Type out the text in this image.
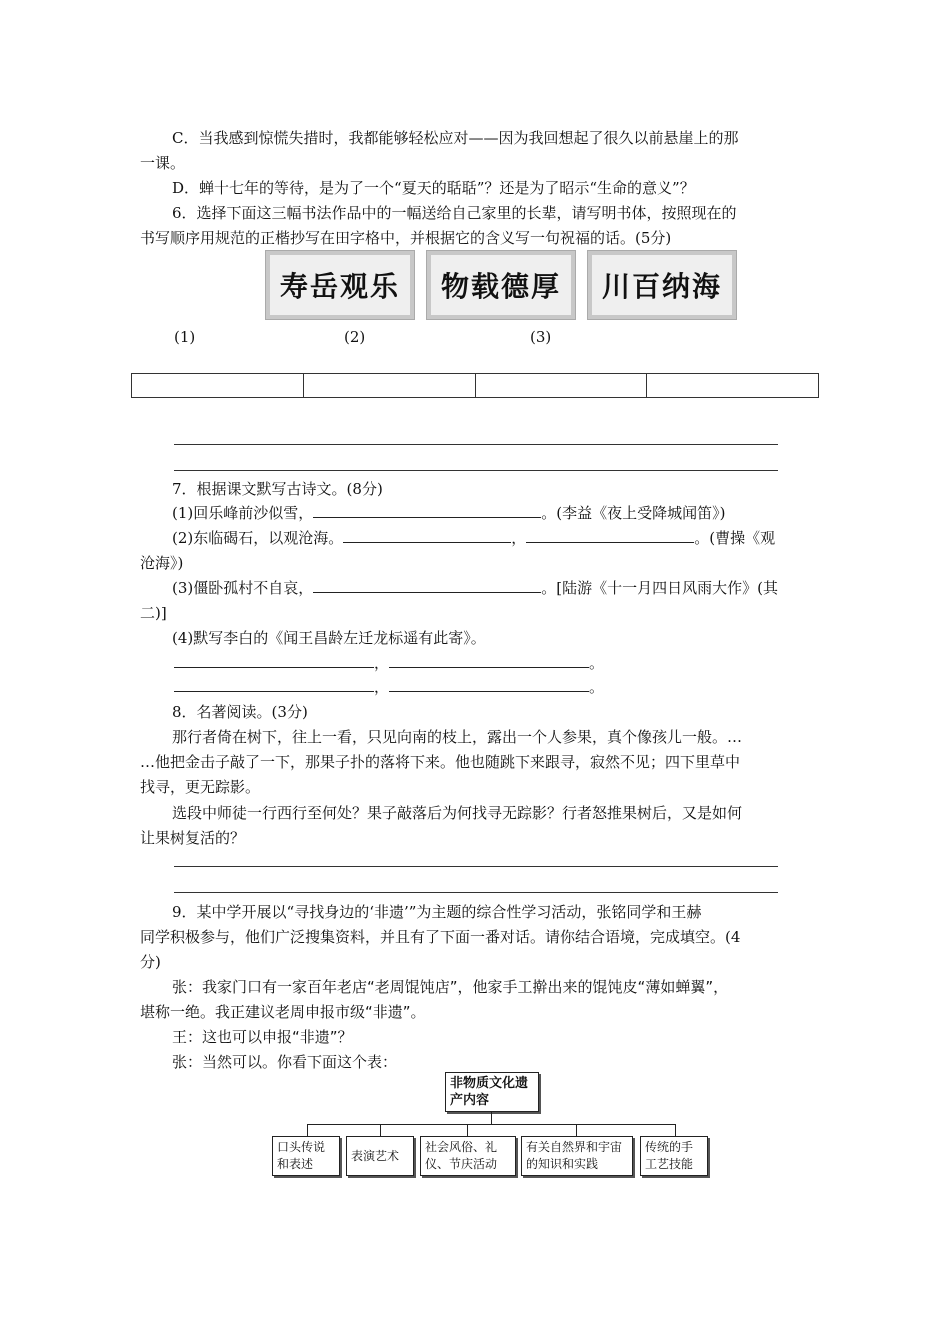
C．当我感到惊慌失措时，我都能够轻松应对——因为我回想起了很久以前悬崖上的那
一课。
D．蝉十七年的等待，是为了一个“夏天的聒聒”？还是为了昭示“生命的意义”？
6．选择下面这三幅书法作品中的一幅送给自己家里的长辈，请写明书体，按照现在的
书写顺序用规范的正楷抄写在田字格中，并根据它的含义写一句祝福的话。(5分)
寿岳观乐 物载德厚 川百纳海
(1)	(2)	(3)
7．根据课文默写古诗文。(8分)
(1)回乐峰前沙似雪，	。(李益《夜上受降城闻笛》)
(2)东临碣石，以观沧海。	，	。(曹操《观
沧海》)
(3)僵卧孤村不自哀，	。[陆游《十一月四日风雨大作》(其
二)]
(4)默写李白的《闻王昌龄左迁龙标遥有此寄》。
，	。
，	。
8．名著阅读。(3分)
那行者倚在树下，往上一看，只见向南的枝上，露出一个人参果，真个像孩儿一般。…
…他把金击子敲了一下，那果子扑的落将下来。他也随跳下来跟寻，寂然不见；四下里草中
找寻，更无踪影。
选段中师徒一行西行至何处？果子敲落后为何找寻无踪影？行者怒推果树后，又是如何
让果树复活的？
9．某中学开展以“寻找身边的‘非遗’”为主题的综合性学习活动，张铭同学和王赫
同学积极参与，他们广泛搜集资料，并且有了下面一番对话。请你结合语境，完成填空。(4
分)
张：我家门口有一家百年老店“老周馄饨店”，他家手工擀出来的馄饨皮“薄如蝉翼”，
堪称一绝。我正建议老周申报市级“非遗”。
王：这也可以申报“非遗”？
张：当然可以。你看下面这个表：
非物质文化遗产内容
口头传说和表述
表演艺术
社会风俗、礼仪、节庆活动
有关自然界和宇宙的知识和实践
传统的手工艺技能
